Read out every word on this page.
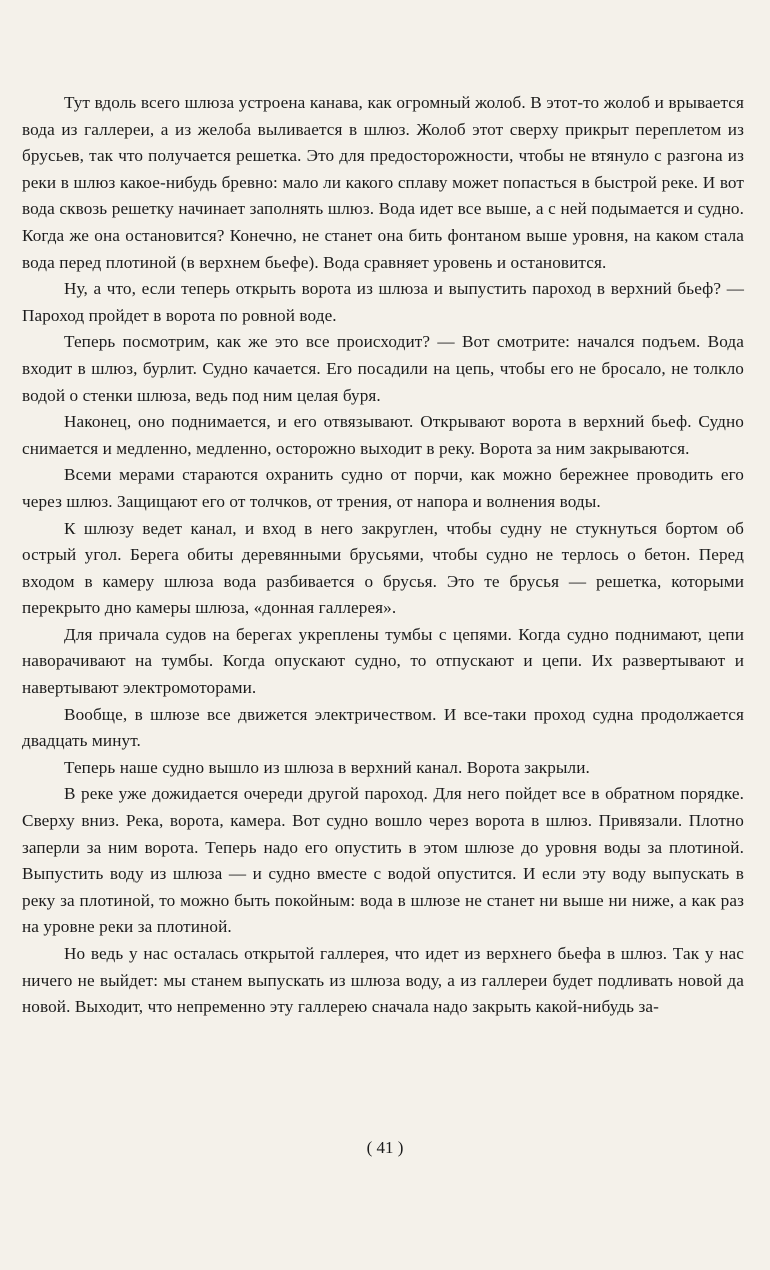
Тут вдоль всего шлюза устроена канава, как огромный жолоб. В этот-то жолоб и врывается вода из галлереи, а из желоба выливается в шлюз. Жолоб этот сверху прикрыт переплетом из брусьев, так что получается решетка. Это для предосторожности, чтобы не втянуло с разгона из реки в шлюз какое-нибудь бревно: мало ли какого сплаву может попасться в быстрой реке. И вот вода сквозь решетку начинает заполнять шлюз. Вода идет все выше, а с ней подымается и судно. Когда же она остановится? Конечно, не станет она бить фонтаном выше уровня, на каком стала вода перед плотиной (в верхнем бьефе). Вода сравняет уровень и остановится.

Ну, а что, если теперь открыть ворота из шлюза и выпустить пароход в верхний бьеф? — Пароход пройдет в ворота по ровной воде.

Теперь посмотрим, как же это все происходит? — Вот смотрите: начался подъем. Вода входит в шлюз, бурлит. Судно качается. Его посадили на цепь, чтобы его не бросало, не толкло водой о стенки шлюза, ведь под ним целая буря.

Наконец, оно поднимается, и его отвязывают. Открывают ворота в верхний бьеф. Судно снимается и медленно, медленно, осторожно выходит в реку. Ворота за ним закрываются.

Всеми мерами стараются охранить судно от порчи, как можно бережнее проводить его через шлюз. Защищают его от толчков, от трения, от напора и волнения воды.

К шлюзу ведет канал, и вход в него закруглен, чтобы судну не стукнуться бортом об острый угол. Берега обиты деревянными брусьями, чтобы судно не терлось о бетон. Перед входом в камеру шлюза вода разбивается о брусья. Это те брусья — решетка, которыми перекрыто дно камеры шлюза, «донная галлерея».

Для причала судов на берегах укреплены тумбы с цепями. Когда судно поднимают, цепи наворачивают на тумбы. Когда опускают судно, то отпускают и цепи. Их развертывают и навертывают электромоторами.

Вообще, в шлюзе все движется электричеством. И все-таки проход судна продолжается двадцать минут.

Теперь наше судно вышло из шлюза в верхний канал. Ворота закрыли.

В реке уже дожидается очереди другой пароход. Для него пойдет все в обратном порядке. Сверху вниз. Река, ворота, камера. Вот судно вошло через ворота в шлюз. Привязали. Плотно заперли за ним ворота. Теперь надо его опустить в этом шлюзе до уровня воды за плотиной. Выпустить воду из шлюза — и судно вместе с водой опустится. И если эту воду выпускать в реку за плотиной, то можно быть покойным: вода в шлюзе не станет ни выше ни ниже, а как раз на уровне реки за плотиной.

Но ведь у нас осталась открытой галлерея, что идет из верхнего бьефа в шлюз. Так у нас ничего не выйдет: мы станем выпускать из шлюза воду, а из галлереи будет подливать новой да новой. Выходит, что непременно эту галлерею сначала надо закрыть какой-нибудь за-

( 41 )
